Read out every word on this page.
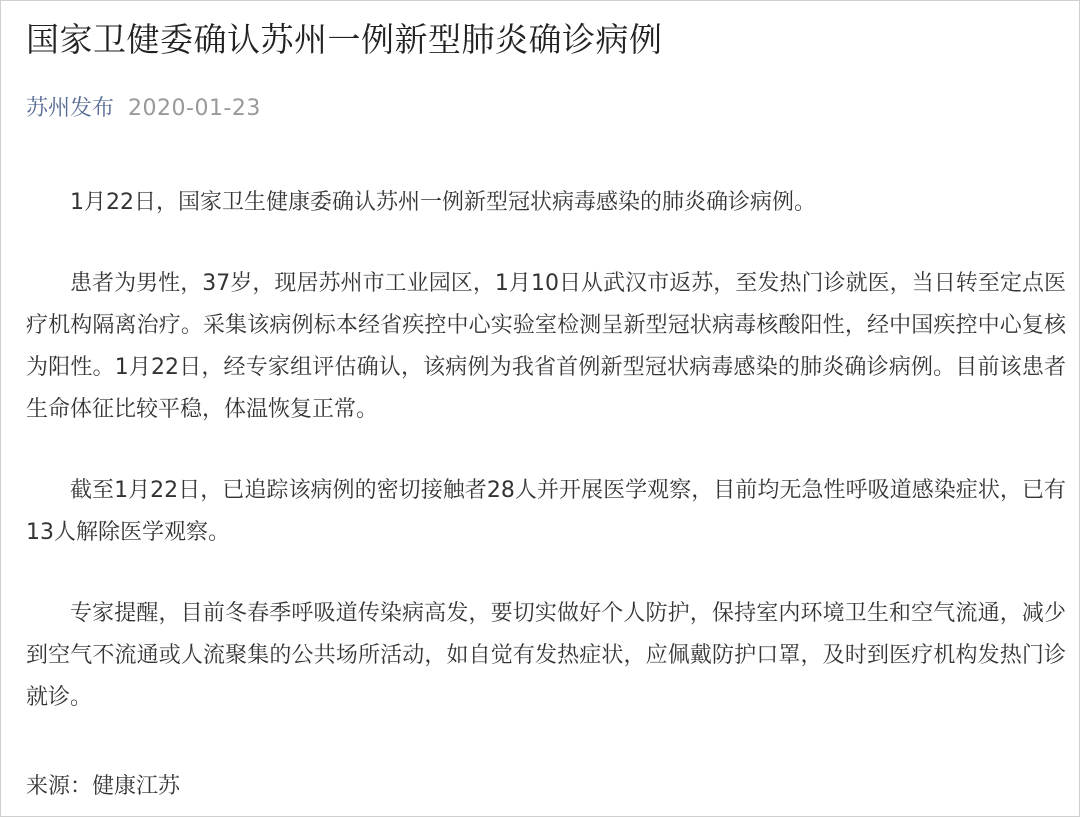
国家卫健委确认苏州一例新型肺炎确诊病例
苏州发布 2020-01-23

1月22日，国家卫生健康委确认苏州一例新型冠状病毒感染的肺炎确诊病例。

患者为男性，37岁，现居苏州市工业园区，1月10日从武汉市返苏，至发热门诊就医，当日转至定点医疗机构隔离治疗。采集该病例标本经省疾控中心实验室检测呈新型冠状病毒核酸阳性，经中国疾控中心复核为阳性。1月22日，经专家组评估确认，该病例为我省首例新型冠状病毒感染的肺炎确诊病例。目前该患者生命体征比较平稳，体温恢复正常。

截至1月22日，已追踪该病例的密切接触者28人并开展医学观察，目前均无急性呼吸道感染症状，已有13人解除医学观察。

专家提醒，目前冬春季呼吸道传染病高发，要切实做好个人防护，保持室内环境卫生和空气流通，减少到空气不流通或人流聚集的公共场所活动，如自觉有发热症状，应佩戴防护口罩，及时到医疗机构发热门诊就诊。

来源：健康江苏
